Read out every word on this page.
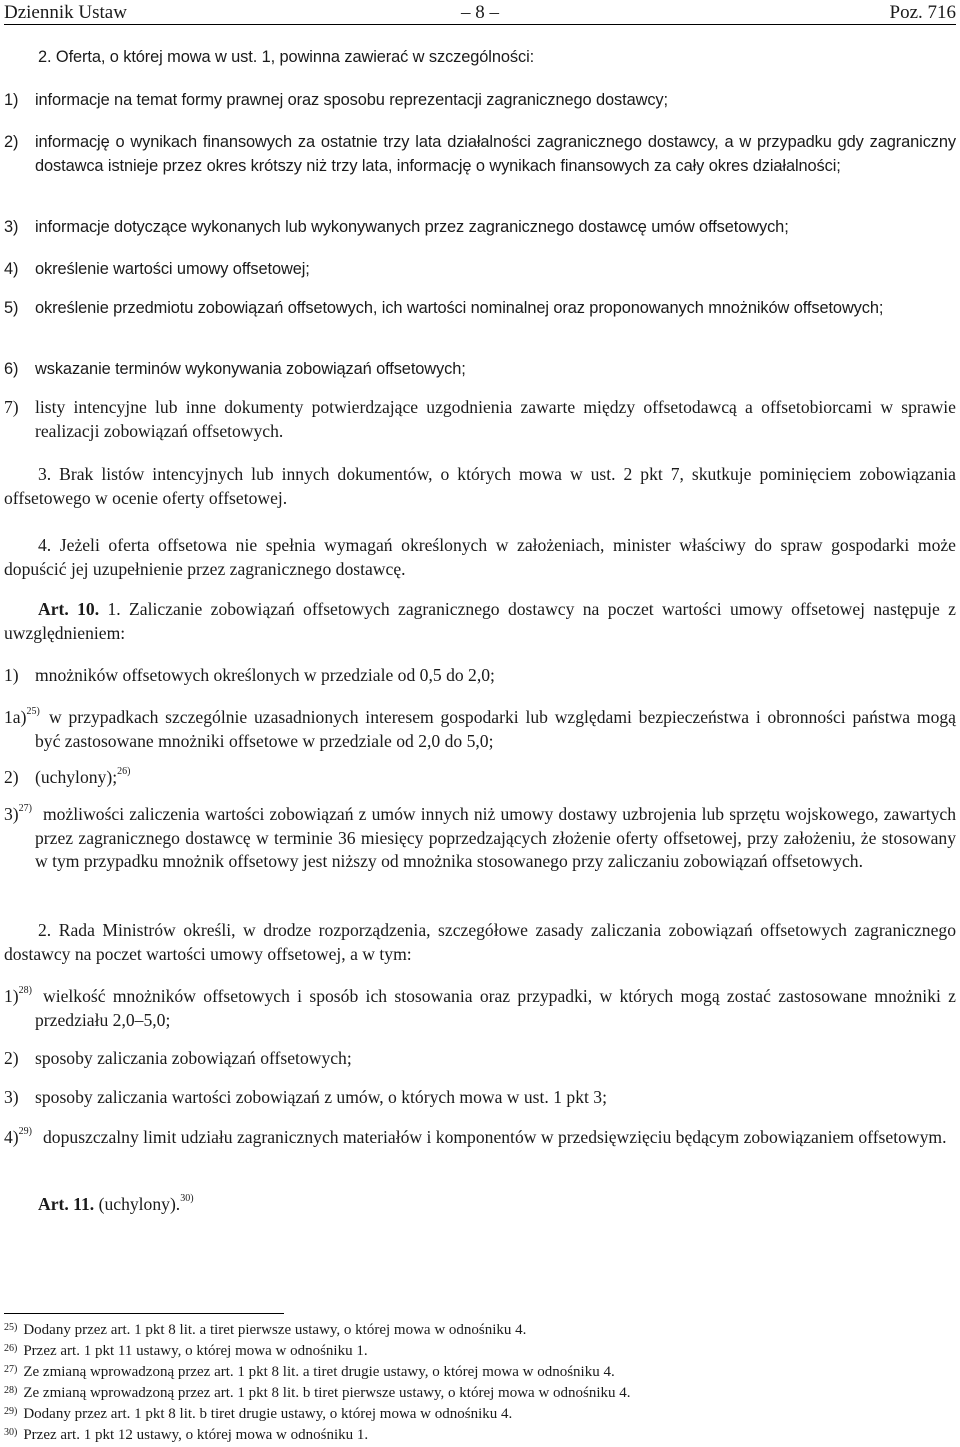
Dziennik Ustaw	– 8 –	Poz. 716
2. Oferta, o której mowa w ust. 1, powinna zawierać w szczególności:
1) informacje na temat formy prawnej oraz sposobu reprezentacji zagranicznego dostawcy;
2) informację o wynikach finansowych za ostatnie trzy lata działalności zagranicznego dostawcy, a w przypadku gdy zagraniczny dostawca istnieje przez okres krótszy niż trzy lata, informację o wynikach finansowych za cały okres działalności;
3) informacje dotyczące wykonanych lub wykonywanych przez zagranicznego dostawcę umów offsetowych;
4) określenie wartości umowy offsetowej;
5) określenie przedmiotu zobowiązań offsetowych, ich wartości nominalnej oraz proponowanych mnożników offsetowych;
6) wskazanie terminów wykonywania zobowiązań offsetowych;
7) listy intencyjne lub inne dokumenty potwierdzające uzgodnienia zawarte między offsetodawcą a offsetobiorcami w sprawie realizacji zobowiązań offsetowych.
3. Brak listów intencyjnych lub innych dokumentów, o których mowa w ust. 2 pkt 7, skutkuje pominięciem zobowiązania offsetowego w ocenie oferty offsetowej.
4. Jeżeli oferta offsetowa nie spełnia wymagań określonych w założeniach, minister właściwy do spraw gospodarki może dopuścić jej uzupełnienie przez zagranicznego dostawcę.
Art. 10. 1. Zaliczanie zobowiązań offsetowych zagranicznego dostawcy na poczet wartości umowy offsetowej następuje z uwzględnieniem:
1) mnożników offsetowych określonych w przedziale od 0,5 do 2,0;
1a)$^{25)}$ w przypadkach szczególnie uzasadnionych interesem gospodarki lub względami bezpieczeństwa i obronności państwa mogą być zastosowane mnożniki offsetowe w przedziale od 2,0 do 5,0;
2) (uchylony);$^{26)}$
3)$^{27)}$ możliwości zaliczenia wartości zobowiązań z umów innych niż umowy dostawy uzbrojenia lub sprzętu wojskowego, zawartych przez zagranicznego dostawcę w terminie 36 miesięcy poprzedzających złożenie oferty offsetowej, przy założeniu, że stosowany w tym przypadku mnożnik offsetowy jest niższy od mnożnika stosowanego przy zaliczaniu zobowiązań offsetowych.
2. Rada Ministrów określi, w drodze rozporządzenia, szczegółowe zasady zaliczania zobowiązań offsetowych zagranicznego dostawcy na poczet wartości umowy offsetowej, a w tym:
1)$^{28)}$ wielkość mnożników offsetowych i sposób ich stosowania oraz przypadki, w których mogą zostać zastosowane mnożniki z przedziału 2,0–5,0;
2) sposoby zaliczania zobowiązań offsetowych;
3) sposoby zaliczania wartości zobowiązań z umów, o których mowa w ust. 1 pkt 3;
4)$^{29)}$ dopuszczalny limit udziału zagranicznych materiałów i komponentów w przedsięwzięciu będącym zobowiązaniem offsetowym.
Art. 11. (uchylony).$^{30)}$
$^{25)}$ Dodany przez art. 1 pkt 8 lit. a tiret pierwsze ustawy, o której mowa w odnośniku 4.
$^{26)}$ Przez art. 1 pkt 11 ustawy, o której mowa w odnośniku 1.
$^{27)}$ Ze zmianą wprowadzoną przez art. 1 pkt 8 lit. a tiret drugie ustawy, o której mowa w odnośniku 4.
$^{28)}$ Ze zmianą wprowadzoną przez art. 1 pkt 8 lit. b tiret pierwsze ustawy, o której mowa w odnośniku 4.
$^{29)}$ Dodany przez art. 1 pkt 8 lit. b tiret drugie ustawy, o której mowa w odnośniku 4.
$^{30)}$ Przez art. 1 pkt 12 ustawy, o której mowa w odnośniku 1.
